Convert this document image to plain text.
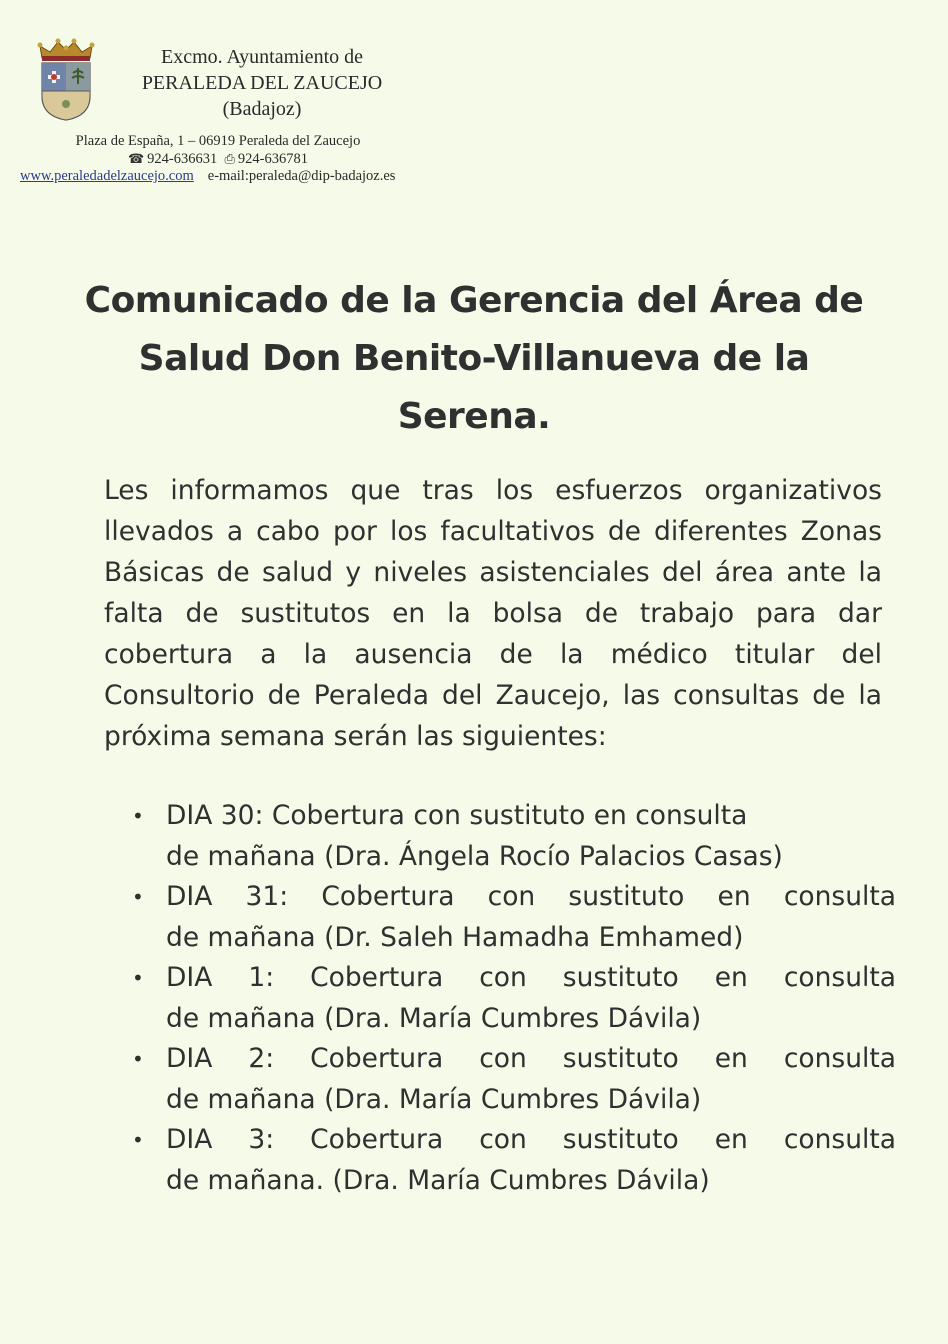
Excmo. Ayuntamiento de
PERALEDA DEL ZAUCEJO
(Badajoz)
Plaza de España, 1 – 06919 Peraleda del Zaucejo
☎ 924-636631 ⎙ 924-636781
www.peraledadelzaucejo.com e-mail:peraleda@dip-badajoz.es
Comunicado de la Gerencia del Área de Salud Don Benito-Villanueva de la Serena.
Les informamos que tras los esfuerzos organizativos llevados a cabo por los facultativos de diferentes Zonas Básicas de salud y niveles asistenciales del área ante la falta de sustitutos en la bolsa de trabajo para dar cobertura a la ausencia de la médico titular del Consultorio de Peraleda del Zaucejo, las consultas de la próxima semana serán las siguientes:
• DIA 30: Cobertura con sustituto en consulta
de mañana (Dra. Ángela Rocío Palacios Casas)
• DIA 31: Cobertura con sustituto en consulta
de mañana (Dr. Saleh Hamadha Emhamed)
• DIA 1: Cobertura con sustituto en consulta
de mañana (Dra. María Cumbres Dávila)
• DIA 2: Cobertura con sustituto en consulta
de mañana (Dra. María Cumbres Dávila)
• DIA 3: Cobertura con sustituto en consulta
de mañana. (Dra. María Cumbres Dávila)
